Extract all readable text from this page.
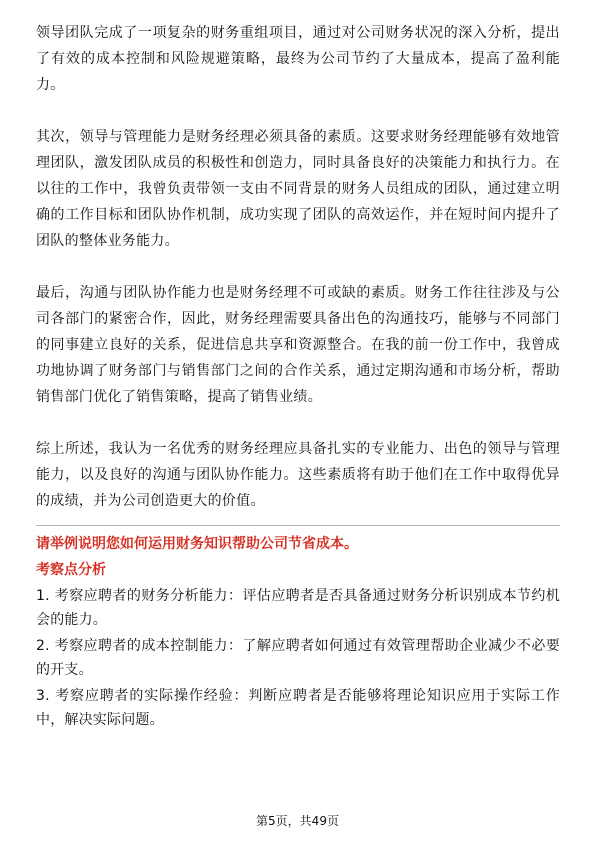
领导团队完成了一项复杂的财务重组项目，通过对公司财务状况的深入分析，提出了有效的成本控制和风险规避策略，最终为公司节约了大量成本，提高了盈利能力。

其次，领导与管理能力是财务经理必须具备的素质。这要求财务经理能够有效地管理团队，激发团队成员的积极性和创造力，同时具备良好的决策能力和执行力。在以往的工作中，我曾负责带领一支由不同背景的财务人员组成的团队，通过建立明确的工作目标和团队协作机制，成功实现了团队的高效运作，并在短时间内提升了团队的整体业务能力。

最后，沟通与团队协作能力也是财务经理不可或缺的素质。财务工作往往涉及与公司各部门的紧密合作，因此，财务经理需要具备出色的沟通技巧，能够与不同部门的同事建立良好的关系，促进信息共享和资源整合。在我的前一份工作中，我曾成功地协调了财务部门与销售部门之间的合作关系，通过定期沟通和市场分析，帮助销售部门优化了销售策略，提高了销售业绩。

综上所述，我认为一名优秀的财务经理应具备扎实的专业能力、出色的领导与管理能力，以及良好的沟通与团队协作能力。这些素质将有助于他们在工作中取得优异的成绩，并为公司创造更大的价值。

请举例说明您如何运用财务知识帮助公司节省成本。
考察点分析

1. 考察应聘者的财务分析能力：评估应聘者是否具备通过财务分析识别成本节约机会的能力。

2. 考察应聘者的成本控制能力：了解应聘者如何通过有效管理帮助企业减少不必要的开支。

3. 考察应聘者的实际操作经验：判断应聘者是否能够将理论知识应用于实际工作中，解决实际问题。

第5页，共49页
